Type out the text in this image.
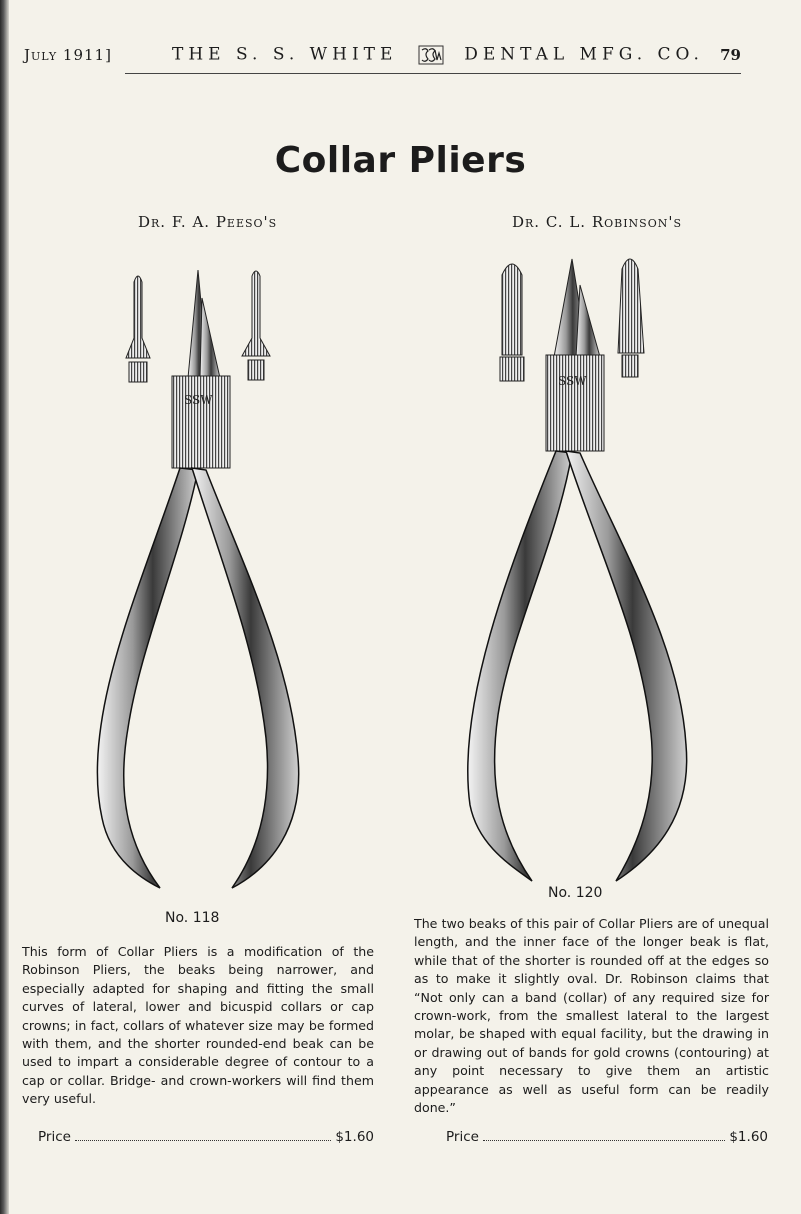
July 1911]	THE S. S. WHITE	DENTAL MFG. CO. 79
Collar Pliers
Dr. F. A. Peeso's
SSW
No. 118
This form of Collar Pliers is a modification of the Robinson Pliers, the beaks being narrower, and especially adapted for shaping and fitting the small curves of lateral, lower and bicuspid collars or cap crowns; in fact, collars of whatever size may be formed with them, and the shorter rounded-end beak can be used to impart a considerable degree of contour to a cap or collar. Bridge- and crown-workers will find them very useful.
Price	$1.60
Dr. C. L. Robinson's
SSW
No. 120
The two beaks of this pair of Collar Pliers are of unequal length, and the inner face of the longer beak is flat, while that of the shorter is rounded off at the edges so as to make it slightly oval. Dr. Robinson claims that “Not only can a band (collar) of any required size for crown-work, from the smallest lateral to the largest molar, be shaped with equal facility, but the drawing in or drawing out of bands for gold crowns (contouring) at any point necessary to give them an artistic appearance as well as useful form can be readily done.”
Price	$1.60
